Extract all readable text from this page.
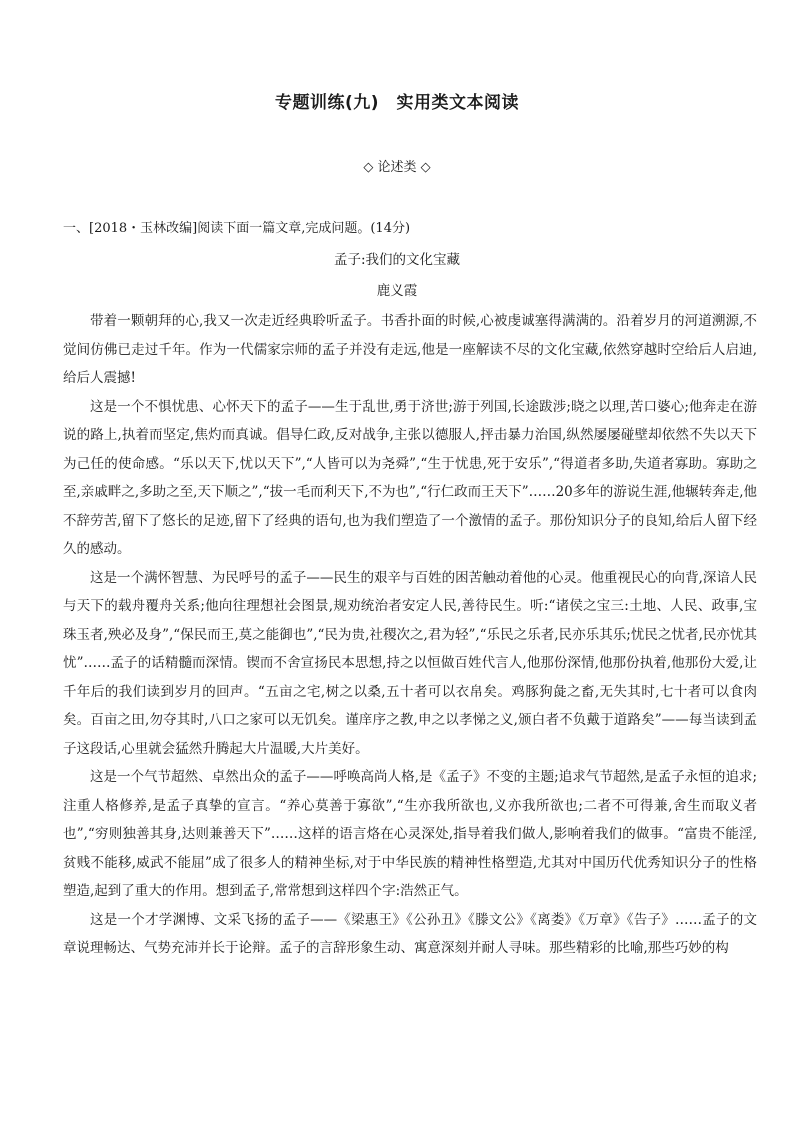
专题训练(九)　实用类文本阅读
◇ 论述类 ◇
一、[2018・玉林改编]阅读下面一篇文章,完成问题。(14分)
孟子:我们的文化宝藏
鹿义霞

带着一颗朝拜的心,我又一次走近经典聆听孟子。书香扑面的时候,心被虔诚塞得满满的。沿着岁月的河道溯源,不觉间仿佛已走过千年。作为一代儒家宗师的孟子并没有走远,他是一座解读不尽的文化宝藏,依然穿越时空给后人启迪,给后人震撼!

这是一个不惧忧患、心怀天下的孟子——生于乱世,勇于济世;游于列国,长途跋涉;晓之以理,苦口婆心;他奔走在游说的路上,执着而坚定,焦灼而真诚。倡导仁政,反对战争,主张以德服人,抨击暴力治国,纵然屡屡碰壁却依然不失以天下为己任的使命感。“乐以天下,忧以天下”,“人皆可以为尧舜”,“生于忧患,死于安乐”,“得道者多助,失道者寡助。寡助之至,亲戚畔之,多助之至,天下顺之”,“拔一毛而利天下,不为也”,“行仁政而王天下”……20多年的游说生涯,他辗转奔走,他不辞劳苦,留下了悠长的足迹,留下了经典的语句,也为我们塑造了一个激情的孟子。那份知识分子的良知,给后人留下经久的感动。

这是一个满怀智慧、为民呼号的孟子——民生的艰辛与百姓的困苦触动着他的心灵。他重视民心的向背,深谙人民与天下的载舟覆舟关系;他向往理想社会图景,规劝统治者安定人民,善待民生。听:“诸侯之宝三:土地、人民、政事,宝珠玉者,殃必及身”,“保民而王,莫之能御也”,“民为贵,社稷次之,君为轻”,“乐民之乐者,民亦乐其乐;忧民之忧者,民亦忧其忧”……孟子的话精髓而深情。锲而不舍宣扬民本思想,持之以恒做百姓代言人,他那份深情,他那份执着,他那份大爱,让千年后的我们读到岁月的回声。“五亩之宅,树之以桑,五十者可以衣帛矣。鸡豚狗彘之畜,无失其时,七十者可以食肉矣。百亩之田,勿夺其时,八口之家可以无饥矣。谨庠序之教,申之以孝悌之义,颁白者不负戴于道路矣”——每当读到孟子这段话,心里就会猛然升腾起大片温暖,大片美好。

这是一个气节超然、卓然出众的孟子——呼唤高尚人格,是《孟子》不变的主题;追求气节超然,是孟子永恒的追求;注重人格修养,是孟子真挚的宣言。“养心莫善于寡欲”,“生亦我所欲也,义亦我所欲也;二者不可得兼,舍生而取义者也”,“穷则独善其身,达则兼善天下”……这样的语言烙在心灵深处,指导着我们做人,影响着我们的做事。“富贵不能淫,贫贱不能移,威武不能屈”成了很多人的精神坐标,对于中华民族的精神性格塑造,尤其对中国历代优秀知识分子的性格塑造,起到了重大的作用。想到孟子,常常想到这样四个字:浩然正气。

这是一个才学渊博、文采飞扬的孟子——《梁惠王》《公孙丑》《滕文公》《离娄》《万章》《告子》……孟子的文章说理畅达、气势充沛并长于论辩。孟子的言辞形象生动、寓意深刻并耐人寻味。那些精彩的比喻,那些巧妙的构
